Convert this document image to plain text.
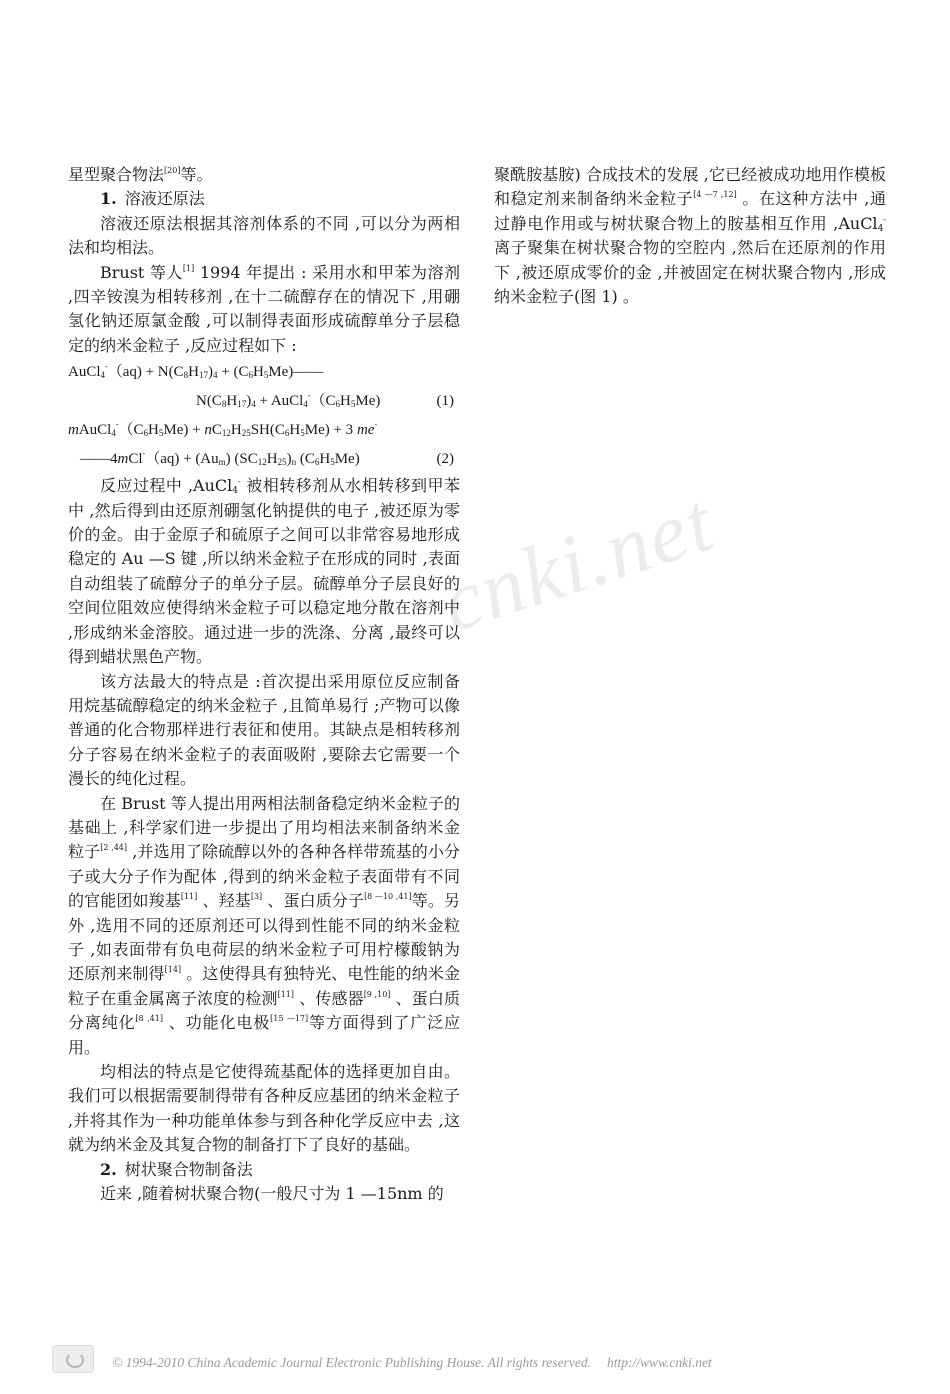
cnki.net

星型聚合物法[20]等。

1. 溶液还原法

溶液还原法根据其溶剂体系的不同 ,可以分为两相法和均相法。

Brust 等人[1] 1994 年提出 : 采用水和甲苯为溶剂 ,四辛铵溴为相转移剂 ,在十二硫醇存在的情况下 ,用硼氢化钠还原氯金酸 ,可以制得表面形成硫醇单分子层稳定的纳米金粒子 ,反应过程如下 :

AuCl$_4$-（aq) + $N(C_8H_{17})_4$ + $(C_6H_5Me)——$

$N(C_8H_{17})_4$ + $AuCl_4^-(C_6H_5Me)$	(1)

$mAuCl_4^-(C_6H_5Me) + nC_{12}H_{25}SH(C_6H_5Me) + 3$ me-

——4mCl-（aq) + $(Au_m)$ $(SC_{12}H_{25})_n$ $(C_6H_5Me)$	(2)

反应过程中 ,AuCl$_4$- 被相转移剂从水相转移到甲苯中 ,然后得到由还原剂硼氢化钠提供的电子 ,被还原为零价的金。由于金原子和硫原子之间可以非常容易地形成稳定的 Au —S 键 ,所以纳米金粒子在形成的同时 ,表面自动组装了硫醇分子的单分子层。硫醇单分子层良好的空间位阻效应使得纳米金粒子可以稳定地分散在溶剂中 ,形成纳米金溶胶。通过进一步的洗涤、分离 ,最终可以得到蜡状黑色产物。

该方法最大的特点是 :首次提出采用原位反应制备用烷基硫醇稳定的纳米金粒子 ,且简单易行 ;产物可以像普通的化合物那样进行表征和使用。其缺点是相转移剂分子容易在纳米金粒子的表面吸附 ,要除去它需要一个漫长的纯化过程。

在 Brust 等人提出用两相法制备稳定纳米金粒子的基础上 ,科学家们进一步提出了用均相法来制备纳米金粒子[2 ,44] ,并选用了除硫醇以外的各种各样带巯基的小分子或大分子作为配体 ,得到的纳米金粒子表面带有不同的官能团如羧基[11] 、羟基[3] 、蛋白质分子[8 —10 ,41]等。另外 ,选用不同的还原剂还可以得到性能不同的纳米金粒子 ,如表面带有负电荷层的纳米金粒子可用柠檬酸钠为还原剂来制得[14] 。这使得具有独特光、电性能的纳米金粒子在重金属离子浓度的检测[11] 、传感器[9 ,10] 、蛋白质分离纯化[8 ,41] 、功能化电极[15 —17]等方面得到了广泛应用。

均相法的特点是它使得巯基配体的选择更加自由。我们可以根据需要制得带有各种反应基团的纳米金粒子 ,并将其作为一种功能单体参与到各种化学反应中去 ,这就为纳米金及其复合物的制备打下了良好的基础。

2. 树状聚合物制备法

近来 ,随着树状聚合物(一般尺寸为 1 —15nm 的

聚酰胺基胺) 合成技术的发展 ,它已经被成功地用作模板和稳定剂来制备纳米金粒子[4 —7 ,12] 。在这种方法中 ,通过静电作用或与树状聚合物上的胺基相互作用 ,AuCl$_4$- 离子聚集在树状聚合物的空腔内 ,然后在还原剂的作用下 ,被还原成零价的金 ,并被固定在树状聚合物内 ,形成纳米金粒子(图 1) 。

© 1994-2010 China Academic Journal Electronic Publishing House. All rights reserved. http://www.cnki.net
